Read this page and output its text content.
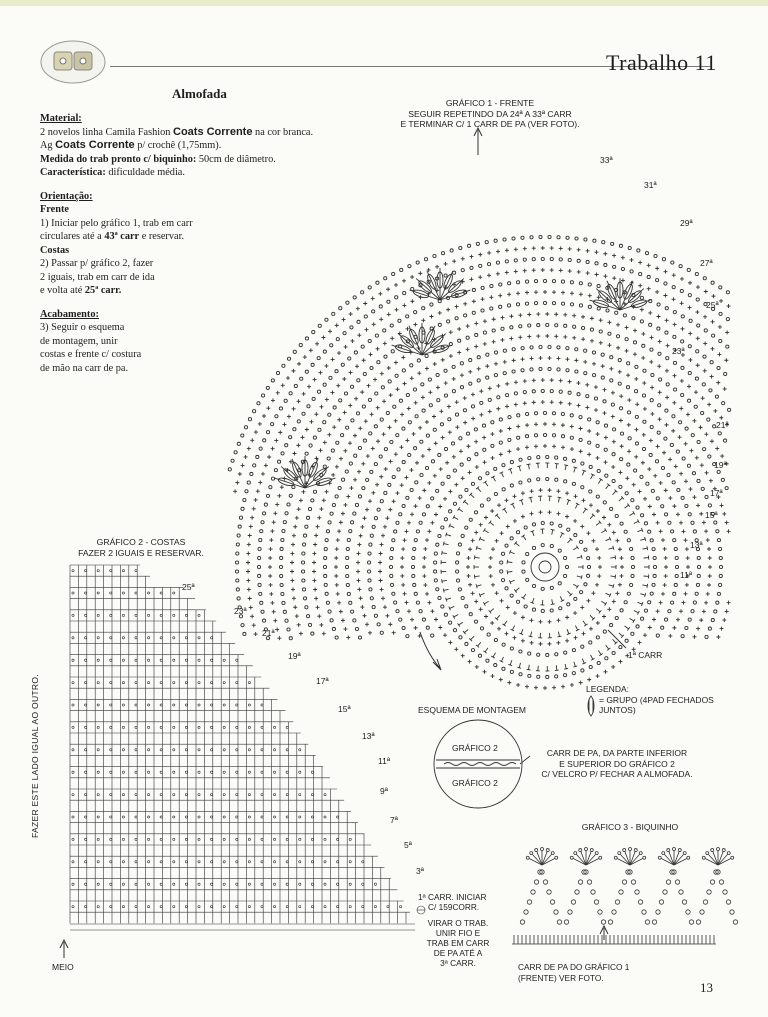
Trabalho 11
Almofada
Material:
2 novelos linha Camila Fashion Coats Corrente na cor branca.
Ag Coats Corrente p/ crochê (1,75mm).
Medida do trab pronto c/ biquinho: 50cm de diâmetro.
Característica: dificuldade média.
Orientação:
Frente
1) Iniciar pelo gráfico 1, trab em carr
circulares até a 43ª carr e reservar.
Costas
2) Passar p/ gráfico 2, fazer
2 iguais, trab em carr de ida
e volta até 25ª carr.
Acabamento:
3) Seguir o esquema
de montagem, unir
costas e frente c/ costura
de mão na carr de pa.
GRÁFICO 1 - FRENTE
SEGUIR REPETINDO DA 24ª A 33ª CARR
E TERMINAR C/ 1 CARR DE PA (VER FOTO).
1ª CARR
33ª
31ª
29ª
27ª
25ª
23ª
21ª
19ª
17ª
15ª
13ª
11ª
25ª
23ª
21ª
19ª
17ª
15ª
13ª
11ª
9ª
7ª
5ª
3ª
GRÁFICO 2 - COSTAS
FAZER 2 IGUAIS E RESERVAR.
FAZER ESTE LADO IGUAL AO OUTRO.
1ª CARR. INICIAR
C/ 159CORR.
VIRAR O TRAB.
UNIR FIO E
TRAB EM CARR
DE PA ATÉ A
3ª CARR.
MEIO
ESQUEMA DE MONTAGEM
GRÁFICO 2
GRÁFICO 2
CARR DE PA, DA PARTE INFERIOR
E SUPERIOR DO GRÁFICO 2
C/ VELCRO P/ FECHAR A ALMOFADA.
LEGENDA:
= GRUPO (4PAD FECHADOS
JUNTOS)
GRÁFICO 3 - BIQUINHO
CARR DE PA DO GRÁFICO 1
(FRENTE) VER FOTO.
13
